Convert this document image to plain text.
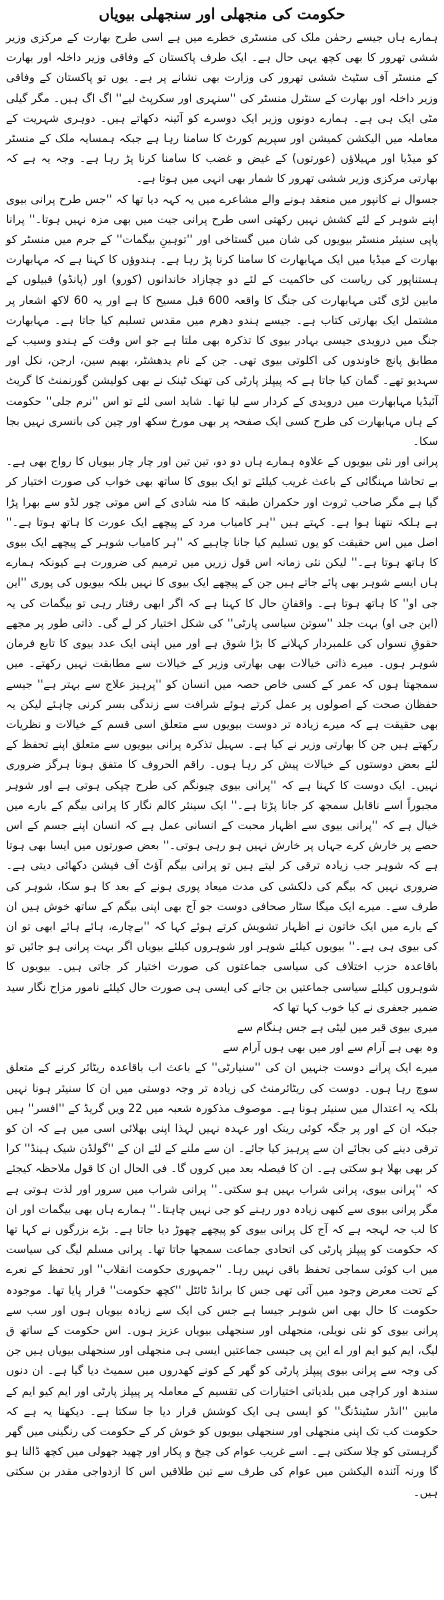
حکومت کی منجھلی اور سنجھلی بیویاں

ہمارے ہاں جیسے رحمٰن ملک کی منسٹری خطرے میں ہے اسی طرح بھارت کے مرکزی وزیر ششی تھرور کا بھی کچھ یہی حال ہے۔ ایک طرف پاکستان کے وفاقی وزیر داخلہ اور بھارت کے منسٹر آف سٹیٹ ششی تھرور کی وزارت بھی نشانے پر ہے۔ یوں تو پاکستان کے وفاقی وزیر داخلہ اور بھارت کے سنٹرل منسٹر کی ''سنہری اور سکرپٹ لیے'' اگ اگ ہیں۔ مگر گیلی مٹی ایک ہی ہے۔ ہمارے دونوں وزیر ایک دوسرے کو آئینہ دکھاتے ہیں۔ دوہری شہریت کے معاملہ میں الیکشن کمیشن اور سپریم کورٹ کا سامنا رہا ہے جبکہ ہمسایہ ملک کے منسٹر کو میڈیا اور مہیلاؤں (عورتوں) کے غیض و غضب کا سامنا کرنا پڑ رہا ہے۔ وجہ یہ ہے کہ بھارتی مرکزی وزیر ششی تھرور کا شمار بھی انہی میں ہوتا ہے۔

جسوال نے کانپور میں منعقد ہونے والے مشاعرے میں یہ کہہ دیا تھا کہ ''جس طرح پرانی بیوی اپنے شوہر کے لئے کشش نہیں رکھتی اسی طرح پرانی جیت میں بھی مزہ نہیں ہوتا۔'' پرانا پاپی سنیئر منسٹر بیویوں کی شان میں گستاخی اور ''توہینِ بیگمات'' کے جرم میں منسٹر کو بھارت کے میڈیا میں ایک مہابھارت کا سامنا کرنا پڑ رہا ہے۔ ہندوؤں کا کہنا ہے کہ مہابھارت ہستناپور کی ریاست کی حاکمیت کے لئے دو چچازاد خاندانوں (کورو) اور (پانڈو) قبیلوں کے مابین لڑی گئی مہابھارت کی جنگ کا واقعہ 600 قبل مسیح کا ہے اور یہ 60 لاکھ اشعار پر مشتمل ایک بھارتی کتاب ہے۔ جیسے ہندو دھرم میں مقدس تسلیم کیا جاتا ہے۔ مہابھارت جنگ میں درویدی جیسی بہادر بیوی کا تذکرہ بھی ملتا ہے جو اس وقت کے ہندو وسیب کے مطابق پانچ خاوندوں کی اکلوتی بیوی تھی۔ جن کے نام یدھشٹر، بھیم سین، ارجن، نکل اور سہدیو تھے۔ گمان کیا جاتا ہے کہ پیپلز پارٹی کی تھنک ٹینک نے بھی کولیشن گورنمنٹ کا گریٹ آئیڈیا مہابھارت میں درویدی کے کردار سے لیا تھا۔ شاید اسی لئے تو اس ''نرم جلی'' حکومت کے ہاں مہابھارت کی طرح کسی ایک صفحہ پر بھی مورخ سکھ اور چین کی بانسری نہیں بجا سکا۔

پرانی اور نئی بیویوں کے علاوہ ہمارے ہاں دو دو، تین تین اور چار چار بیویاں کا رواج بھی ہے۔ بے تحاشا مہنگائی کے باعث غریب کیلئے تو ایک بیوی کا ساتھ بھی خواب کی صورت اختیار کر گیا ہے مگر صاحب ثروت اور حکمران طبقہ کا منہ شادی کے اس موتی چور لڈو سے بھرا پڑا ہے ہلکہ نتھنا ہوا ہے۔ کہتے ہیں ''ہر کامیاب مرد کے پیچھے ایک عورت کا ہاتھ ہوتا ہے۔'' اصل میں اس حقیقت کو یوں تسلیم کیا جانا چاہیے کہ ''ہر کامیاب شوہر کے پیچھے ایک بیوی کا ہاتھ ہوتا ہے۔'' لیکن نئی زمانہ اس قول زریں میں ترمیم کی ضرورت ہے کیونکہ ہمارے ہاں ایسے شوہر بھی پائے جاتے ہیں جن کے پیچھے ایک بیوی کا نہیں بلکہ بیویوں کی پوری ''این جی او'' کا ہاتھ ہوتا ہے۔ واقفانِ حال کا کہنا ہے کہ اگر ابھی رفتار رہی تو بیگمات کی یہ (این جی او) بہت جلد ''سوتن سیاسی پارٹی'' کی شکل اختیار کر لے گی۔ ذاتی طور پر مجھے حقوقِ نسواں کی علمبردار کہلانے کا بڑا شوق ہے اور میں اپنی ایک عدد بیوی کا تابع فرمان شوہر ہوں۔ میرے ذاتی خیالات بھی بھارتی وزیر کے خیالات سے مطابقت نہیں رکھتے۔ میں سمجھتا ہوں کہ عمر کے کسی خاص حصہ میں انسان کو ''پرہیز علاج سے بہتر ہے'' جیسے حفظان صحت کے اصولوں پر عمل کرتے ہوئے شرافت سے زندگی بسر کرنی چاہئے لیکن یہ بھی حقیقت ہے کہ میرے زیادہ تر دوست بیویوں سے متعلق اسی قسم کے خیالات و نظریات رکھتے ہیں جن کا بھارتی وزیر نے کیا ہے۔ سہیل تذکرہ پرانی بیویوں سے متعلق اپنے تحفظ کے لئے بعض دوستوں کے خیالات پیش کر رہا ہوں۔ راقم الحروف کا متفق ہونا ہرگز ضروری نہیں۔ ایک دوست کا کہنا ہے کہ ''پرانی بیوی چیونگم کی طرح چپکی ہوتی ہے اور شوہر مجبوراً اسے ناقابل سمجھ کر جانا پڑتا ہے۔'' ایک سینئر کالم نگار کا پرانی بیگم کے بارے میں خیال ہے کہ ''پرانی بیوی سے اظہار محبت کے انسانی عمل ہے کہ انسان اپنے جسم کے اس حصے پر خارش کرے جہاں پر خارش نہیں ہو رہی ہوتی۔'' بعض صورتوں میں ایسا بھی ہوتا ہے کہ شوہر جب زیادہ ترقی کر لیتے ہیں تو پرانی بیگم آؤٹ آف فیشن دکھائی دیتی ہے۔ ضروری نہیں کہ بیگم کی دلکشی کی مدت میعاد پوری ہونے کے بعد کا ہو سکا، شوہر کی طرف سے۔ میرے ایک میگا سٹار صحافی دوست جو آج بھی اپنی بیگم کے ساتھ خوش ہیں ان کے بارے میں ایک خاتون نے اظہار تشویش کرتے ہوئے کہا کہ ''بےچارے، ہائے ہائے ابھی تو ان کی بیوی ہی ہے۔'' بیویوں کیلئے شوہر اور شوہروں کیلئے بیویاں اگر بہت پرانی ہو جائیں تو باقاعدہ حزب اختلاف کی سیاسی جماعتوں کی صورت اختیار کر جاتی ہیں۔ بیویوں کا شوہروں کیلئے سیاسی جماعتیں بن جانے کی ایسی ہی صورت حال کیلئے نامور مزاح نگار سید ضمیر جعفری نے کیا خوب کہا تھا کہ

میری بیوی قبر میں لیٹی ہے جس ہنگام سے

وہ بھی ہے آرام سے اور میں بھی ہوں آرام سے

میرے ایک پرانے دوست جنہیں ان کی ''سنیارٹی'' کے باعث اب باقاعدہ ریٹائر کرنے کے متعلق سوچ رہا ہوں۔ دوست کی ریٹائرمنٹ کی زیادہ تر وجہ دوستی میں ان کا سنیئر ہونا نہیں بلکہ یہ اعتدال میں سنیئر ہونا ہے۔ موصوف مذکورہ شعبہ میں 22 ویں گریڈ کے ''افسر'' ہیں جبکہ ان کے اور پر جگہ کوئی رینک اور عہدہ نہیں لہذا اپنی بھلائی اسی میں ہے کہ ان کو ترقی دینے کی بجائے ان سے پرہیز کیا جائے۔ ان سے ملنے کے لئے ان کے ''گولڈن شیک ہینڈ'' کرا کر بھی بھلا ہو سکتی ہے۔ ان کا فیصلہ بعد میں کروں گا۔ فی الحال ان کا قول ملاحظہ کیجئے کہ ''پرانی بیوی، پرانی شراب بہیں ہو سکتی۔'' پرانی شراب میں سرور اور لذت ہوتی ہے مگر پرانی بیوی سے کبھی زیادہ دور رہنے کو جی نہیں چاہتا۔'' ہمارے ہاں بھی بیگمات اور ان کا لب جہ لہجہ ہے کہ آج کل پرانی بیوی کو پیچھے چھوڑ دیا جاتا ہے۔ بڑے بزرگوں نے کہا تھا کہ حکومت کو پیپلز پارٹی کی اتحادی جماعت سمجھا جاتا تھا۔ پرانی مسلم لیگ کی سیاست میں اب کوئی سماجی تحفظ باقی نہیں رہا۔ ''جمہوری حکومت انقلاب'' اور تحفظ کے نعرے کے تحت معرض وجود میں آئی تھی جس کا برانڈ ٹائٹل ''کچھ حکومت'' قرار پایا تھا۔ موجودہ حکومت کا حال بھی اس شوہر جیسا ہے جس کی ایک سے زیادہ بیویاں ہوں اور سب سے پرانی بیوی کو نئی نویلی، منجھلی اور سنجھلی بیویاں عزیز ہوں۔ اس حکومت کے ساتھ ق لیگ، ایم کیو ایم اور اے این پی جیسی جماعتیں ایسی ہی منجھلی اور سنجھلی بیویاں ہیں جن کی وجہ سے پرانی بیوی پیپلز پارٹی کو گھر کے کونے کھدروں میں سمیٹ دیا گیا ہے۔ ان دنوں سندھ اور کراچی میں بلدیاتی اختیارات کی تقسیم کے معاملہ پر پیپلز پارٹی اور ایم کیو ایم کے مابین ''انڈر سٹینڈنگ'' کو ایسی ہی ایک کوشش قرار دیا جا سکتا ہے۔ دیکھنا یہ ہے کہ حکومت کب تک اپنی منجھلی اور سنجھلی بیویوں کو خوش کر کے حکومت کی رنگینی میں گھر گرہستی کو چلا سکتی ہے۔ اسے غریب عوام کی چیخ و پکار اور چھید جھولی میں کچھ ڈالنا ہو گا ورنہ آئندہ الیکشن میں عوام کی طرف سے تین طلاقیں اس کا ازدواجی مقدر بن سکتی ہیں۔
